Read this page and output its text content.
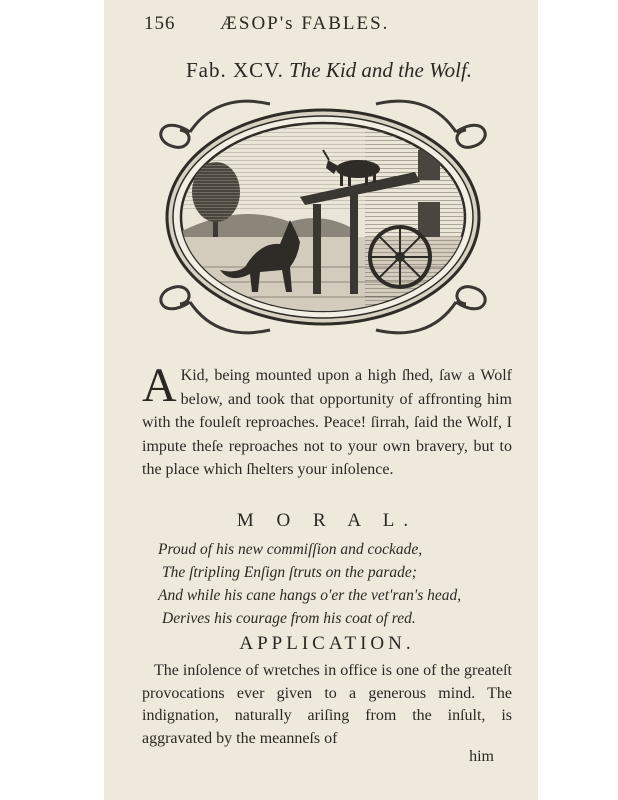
156 ÆSOP's FABLES.
Fab. XCV. The Kid and the Wolf.

A Kid, being mounted upon a high ſhed, ſaw a Wolf below, and took that opportunity of affronting him with the fouleſt reproaches. Peace! ſirrah, ſaid the Wolf, I impute theſe reproaches not to your own bravery, but to the place which ſhelters your inſolence.

M O R A L.
Proud of his new commiſſion and cockade,
The ſtripling Enſign ſtruts on the parade;
And while his cane hangs o'er the vet'ran's head,
Derives his courage from his coat of red.
APPLICATION.

The inſolence of wretches in office is one of the greateſt provocations ever given to a generous mind. The indignation, naturally ariſing from the inſult, is aggravated by the meanneſs of

him
